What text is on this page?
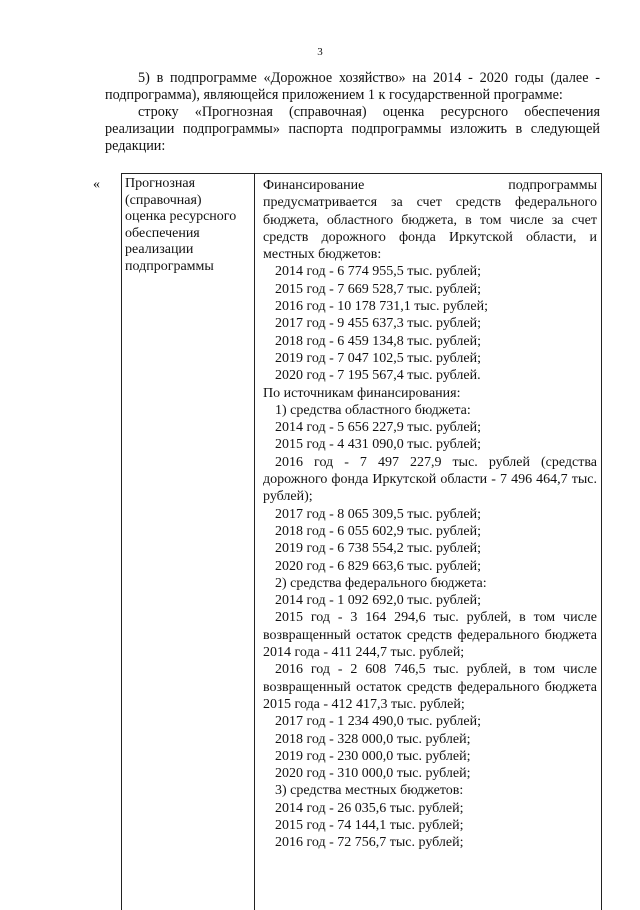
3

5) в подпрограмме «Дорожное хозяйство» на 2014 - 2020 годы (далее - подпрограмма), являющейся приложением 1 к государственной программе:

строку «Прогнозная (справочная) оценка ресурсного обеспечения реализации подпрограммы» паспорта подпрограммы изложить в следующей редакции:

« Прогнозная
(справочная)
оценка ресурсного
обеспечения
реализации
подпрограммы
Финансирование	подпрограммы

предусматривается за счет средств федерального бюджета, областного бюджета, в том числе за счет средств дорожного фонда Иркутской области, и местных бюджетов:

2014 год - 6 774 955,5 тыс. рублей;

2015 год - 7 669 528,7 тыс. рублей;

2016 год - 10 178 731,1 тыс. рублей;

2017 год - 9 455 637,3 тыс. рублей;

2018 год - 6 459 134,8 тыс. рублей;

2019 год - 7 047 102,5 тыс. рублей;

2020 год - 7 195 567,4 тыс. рублей.

По источникам финансирования:

1) средства областного бюджета:

2014 год - 5 656 227,9 тыс. рублей;

2015 год - 4 431 090,0 тыс. рублей;

2016 год - 7 497 227,9 тыс. рублей (средства дорожного фонда Иркутской области - 7 496 464,7 тыс. рублей);

2017 год - 8 065 309,5 тыс. рублей;

2018 год - 6 055 602,9 тыс. рублей;

2019 год - 6 738 554,2 тыс. рублей;

2020 год - 6 829 663,6 тыс. рублей;

2) средства федерального бюджета:

2014 год - 1 092 692,0 тыс. рублей;

2015 год - 3 164 294,6 тыс. рублей, в том числе возвращенный остаток средств федерального бюджета 2014 года - 411 244,7 тыс. рублей;

2016 год - 2 608 746,5 тыс. рублей, в том числе возвращенный остаток средств федерального бюджета 2015 года - 412 417,3 тыс. рублей;

2017 год - 1 234 490,0 тыс. рублей;

2018 год - 328 000,0 тыс. рублей;

2019 год - 230 000,0 тыс. рублей;

2020 год - 310 000,0 тыс. рублей;

3) средства местных бюджетов:

2014 год - 26 035,6 тыс. рублей;

2015 год - 74 144,1 тыс. рублей;

2016 год - 72 756,7 тыс. рублей;
